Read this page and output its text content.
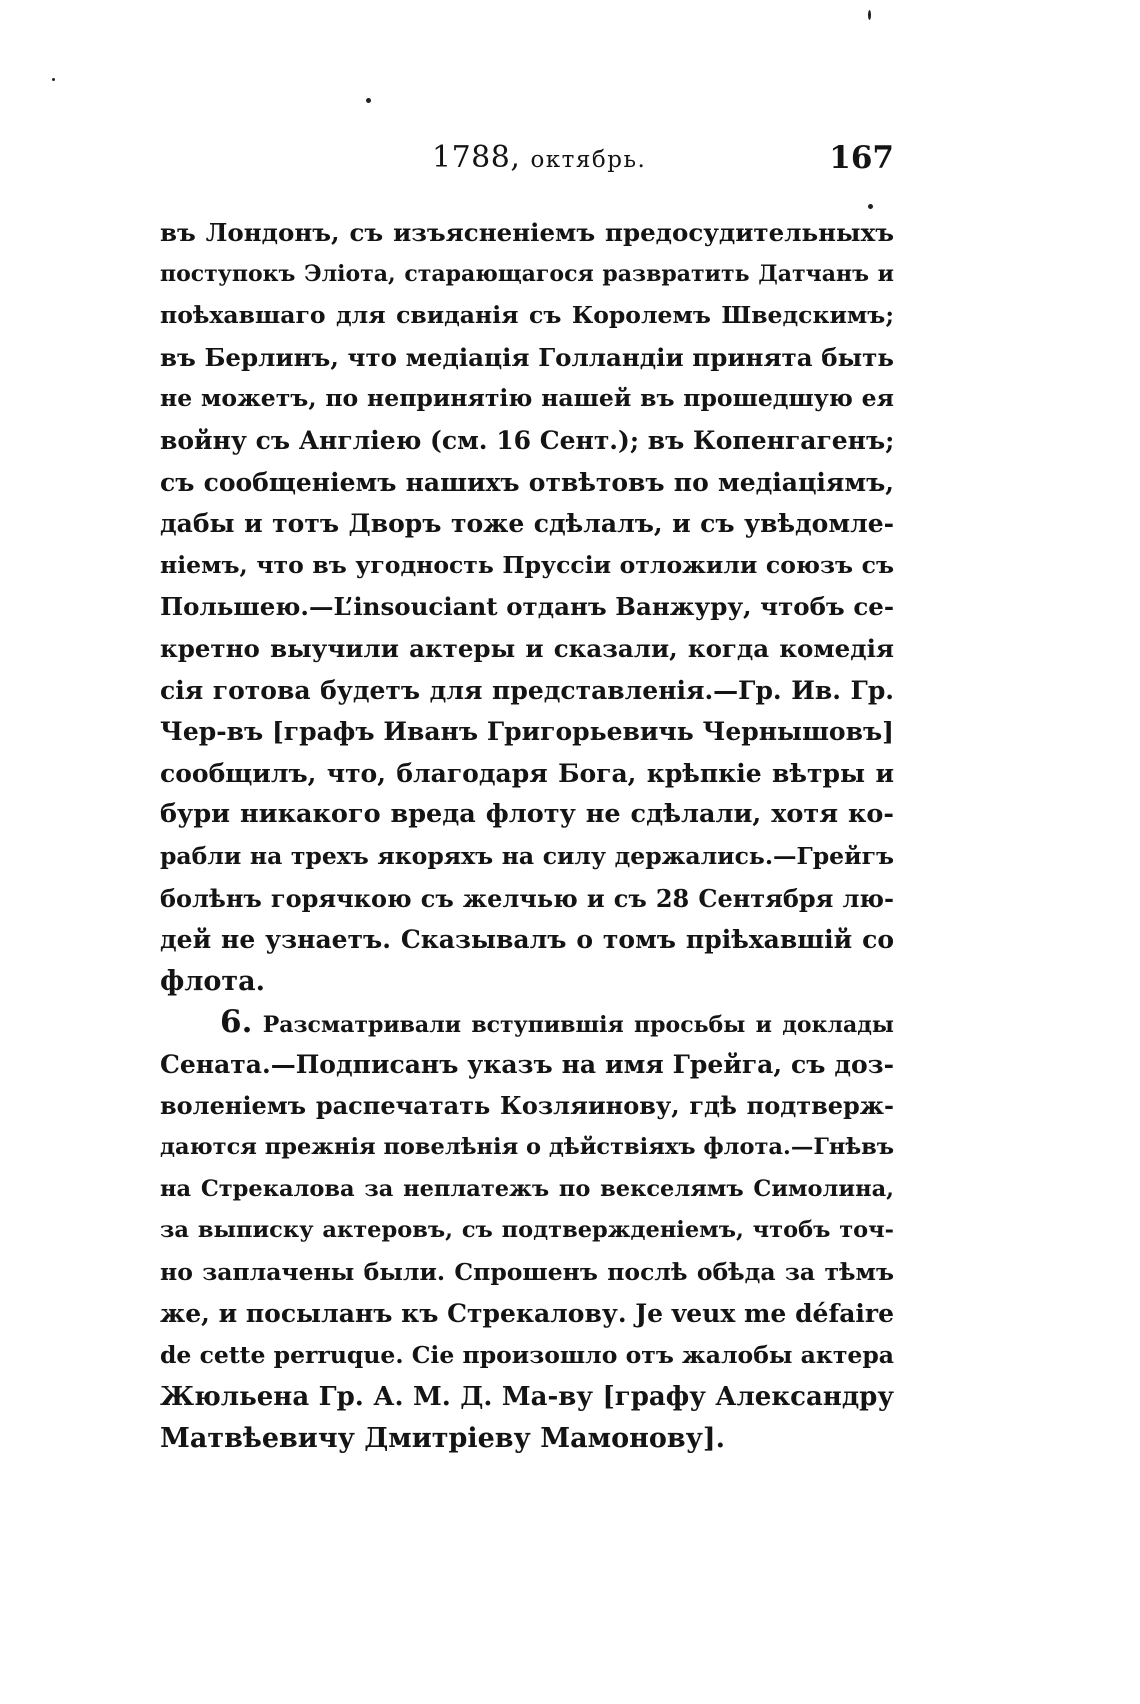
1788, октябрь.	167
въ Лондонъ, съ изъясненіемъ предосудительныхъ
поступокъ Эліота, старающагося развратить Датчанъ и
поѣхавшаго для свиданія съ Королемъ Шведскимъ;
въ Берлинъ, что медіація Голландіи принята быть
не можетъ, по непринятію нашей въ прошедшую ея
войну съ Англіею (см. 16 Сент.); въ Копенгагенъ;
съ сообщеніемъ нашихъ отвѣтовъ по медіаціямъ,
дабы и тотъ Дворъ тоже сдѣлалъ, и съ увѣдомле-
ніемъ, что въ угодность Пруссіи отложили союзъ съ
Польшею.—L’insouciant отданъ Ванжуру, чтобъ се-
кретно выучили актеры и сказали, когда комедія
сія готова будетъ для представленія.—Гр. Ив. Гр.
Чер-въ [графъ Иванъ Григорьевичь Чернышовъ]
сообщилъ, что, благодаря Бога, крѣпкіе вѣтры и
бури никакого вреда флоту не сдѣлали, хотя ко-
рабли на трехъ якоряхъ на силу держались.—Грейгъ
болѣнъ горячкою съ желчью и съ 28 Сентября лю-
дей не узнаетъ. Сказывалъ о томъ пріѣхавшій со
флота.
6. Разсматривали вступившія просьбы и доклады
Сената.—Подписанъ указъ на имя Грейга, съ доз-
воленіемъ распечатать Козляинову, гдѣ подтверж-
даются прежнія повелѣнія о дѣйствіяхъ флота.—Гнѣвъ
на Стрекалова за неплатежъ по векселямъ Симолина,
за выписку актеровъ, съ подтвержденіемъ, чтобъ точ-
но заплачены были. Спрошенъ послѣ обѣда за тѣмъ
же, и посыланъ къ Стрекалову. Je veux me défaire
de cette perruque. Сіе произошло отъ жалобы актера
Жюльена Гр. А. М. Д. Ма-ву [графу Александру
Матвѣевичу Дмитріеву Мамонову].
